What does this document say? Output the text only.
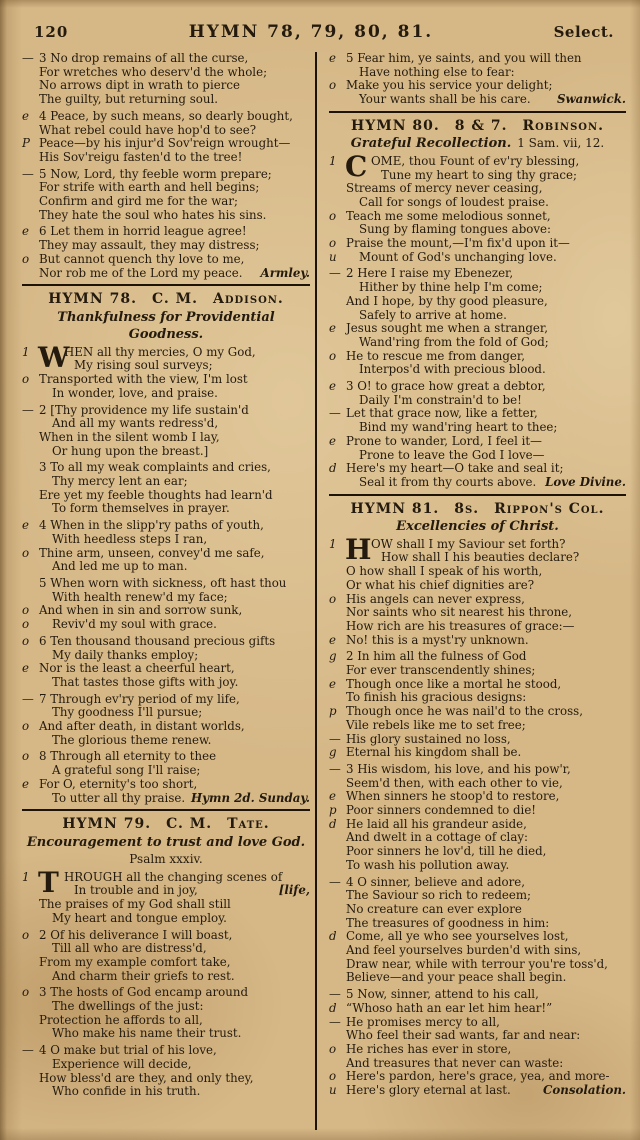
120	HYMN 78, 79, 80, 81.	Select.
— 3 No drop remains of all the curse,
For wretches who deserv'd the whole;
No arrows dipt in wrath to pierce
The guilty, but returning soul.
e 4 Peace, by such means, so dearly bought,
What rebel could have hop'd to see?
P Peace—by his injur'd Sov'reign wrought—
His Sov'reigu fasten'd to the tree!
— 5 Now, Lord, thy feeble worm prepare;
For strife with earth and hell begins;
Confirm and gird me for the war;
They hate the soul who hates his sins.
e 6 Let them in horrid league agree!
They may assault, they may distress;
o But cannot quench thy love to me,
Nor rob me of the Lord my peace. Armley.
HYMN 78. C. M. Addison.
Thankfulness for Providential Goodness.
1 W
HEN all thy mercies, O my God,
My rising soul surveys;
o Transported with the view, I'm lost
In wonder, love, and praise.
— 2 [Thy providence my life sustain'd
And all my wants redress'd,
When in the silent womb I lay,
Or hung upon the breast.]
3 To all my weak complaints and cries,
Thy mercy lent an ear;
Ere yet my feeble thoughts had learn'd
To form themselves in prayer.
e 4 When in the slipp'ry paths of youth,
With heedless steps I ran,
o Thine arm, unseen, convey'd me safe,
And led me up to man.
5 When worn with sickness, oft hast thou
With health renew'd my face;
o And when in sin and sorrow sunk,
o	Reviv'd my soul with grace.
o 6 Ten thousand thousand precious gifts
My daily thanks employ;
e Nor is the least a cheerful heart,
That tastes those gifts with joy.
— 7 Through ev'ry period of my life,
Thy goodness I'll pursue;
o And after death, in distant worlds,
The glorious theme renew.
o 8 Through all eternity to thee
A grateful song I'll raise;
e For O, eternity's too short,
To utter all thy praise. Hymn 2d. Sunday.
HYMN 79. C. M. Tate.
Encouragement to trust and love God.
Psalm xxxiv.
1 T HROUGH all the changing scenes of
In trouble and in joy,	[life,
The praises of my God shall still
My heart and tongue employ.
o 2 Of his deliverance I will boast,
Till all who are distress'd,
From my example comfort take,
And charm their griefs to rest.
o 3 The hosts of God encamp around
The dwellings of the just:
Protection he affords to all,
Who make his name their trust.
— 4 O make but trial of his love,
Experience will decide,
How bless'd are they, and only they,
Who confide in his truth.
e 5 Fear him, ye saints, and you will then
Have nothing else to fear:
o Make you his service your delight;
Your wants shall be his care. Swanwick.
HYMN 80. 8 & 7. Robinson.
Grateful Recollection. 1 Sam. vii, 12.
1 C OME, thou Fount of ev'ry blessing,
Tune my heart to sing thy grace;
Streams of mercy never ceasing,
Call for songs of loudest praise.
o Teach me some melodious sonnet,
Sung by flaming tongues above:
o Praise the mount,—I'm fix'd upon it—
u	Mount of God's unchanging love.
— 2 Here I raise my Ebenezer,
Hither by thine help I'm come;
And I hope, by thy good pleasure,
Safely to arrive at home.
e Jesus sought me when a stranger,
Wand'ring from the fold of God;
o He to rescue me from danger,
Interpos'd with precious blood.
e 3 O! to grace how great a debtor,
Daily I'm constrain'd to be!
— Let that grace now, like a fetter,
Bind my wand'ring heart to thee;
e Prone to wander, Lord, I feel it—
Prone to leave the God I love—
d Here's my heart—O take and seal it;
Seal it from thy courts above. Love Divine.
HYMN 81. 8s. Rippon's Col.
Excellencies of Christ.
1 H OW shall I my Saviour set forth?
How shall I his beauties declare?
O how shall I speak of his worth,
Or what his chief dignities are?
o His angels can never express,
Nor saints who sit nearest his throne,
How rich are his treasures of grace:—
e No! this is a myst'ry unknown.
g 2 In him all the fulness of God
For ever transcendently shines;
e Though once like a mortal he stood,
To finish his gracious designs:
p Though once he was nail'd to the cross,
Vile rebels like me to set free;
— His glory sustained no loss,
g Eternal his kingdom shall be.
— 3 His wisdom, his love, and his pow'r,
Seem'd then, with each other to vie,
e When sinners he stoop'd to restore,
p Poor sinners condemned to die!
d He laid all his grandeur aside,
And dwelt in a cottage of clay:
Poor sinners he lov'd, till he died,
To wash his pollution away.
— 4 O sinner, believe and adore,
The Saviour so rich to redeem;
No creature can ever explore
The treasures of goodness in him:
d Come, all ye who see yourselves lost,
And feel yourselves burden'd with sins,
Draw near, while with terrour you're toss'd,
Believe—and your peace shall begin.
— 5 Now, sinner, attend to his call,
d “Whoso hath an ear let him hear!”
— He promises mercy to all,
Who feel their sad wants, far and near:
o He riches has ever in store,
And treasures that never can waste:
o Here's pardon, here's grace, yea, and more-
u Here's glory eternal at last.	Consolation.
